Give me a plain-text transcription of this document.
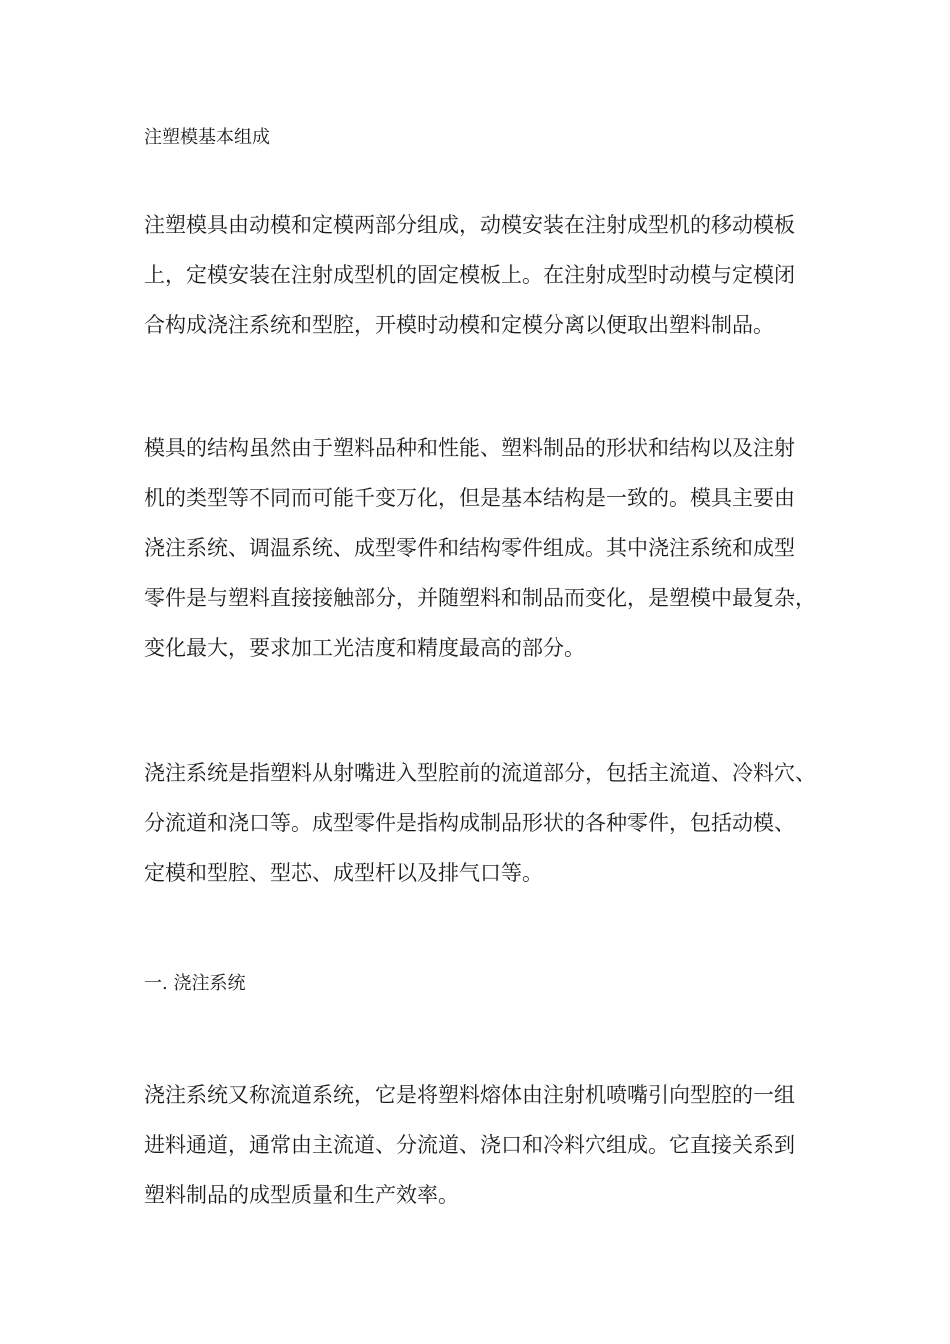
注塑模基本组成

注塑模具由动模和定模两部分组成，动模安装在注射成型机的移动模板
上，定模安装在注射成型机的固定模板上。在注射成型时动模与定模闭
合构成浇注系统和型腔，开模时动模和定模分离以便取出塑料制品。

模具的结构虽然由于塑料品种和性能、塑料制品的形状和结构以及注射
机的类型等不同而可能千变万化，但是基本结构是一致的。模具主要由
浇注系统、调温系统、成型零件和结构零件组成。其中浇注系统和成型
零件是与塑料直接接触部分，并随塑料和制品而变化，是塑模中最复杂，
变化最大，要求加工光洁度和精度最高的部分。

浇注系统是指塑料从射嘴进入型腔前的流道部分，包括主流道、冷料穴、
分流道和浇口等。成型零件是指构成制品形状的各种零件，包括动模、
定模和型腔、型芯、成型杆以及排气口等。

一. 浇注系统

浇注系统又称流道系统，它是将塑料熔体由注射机喷嘴引向型腔的一组
进料通道，通常由主流道、分流道、浇口和冷料穴组成。它直接关系到
塑料制品的成型质量和生产效率。
